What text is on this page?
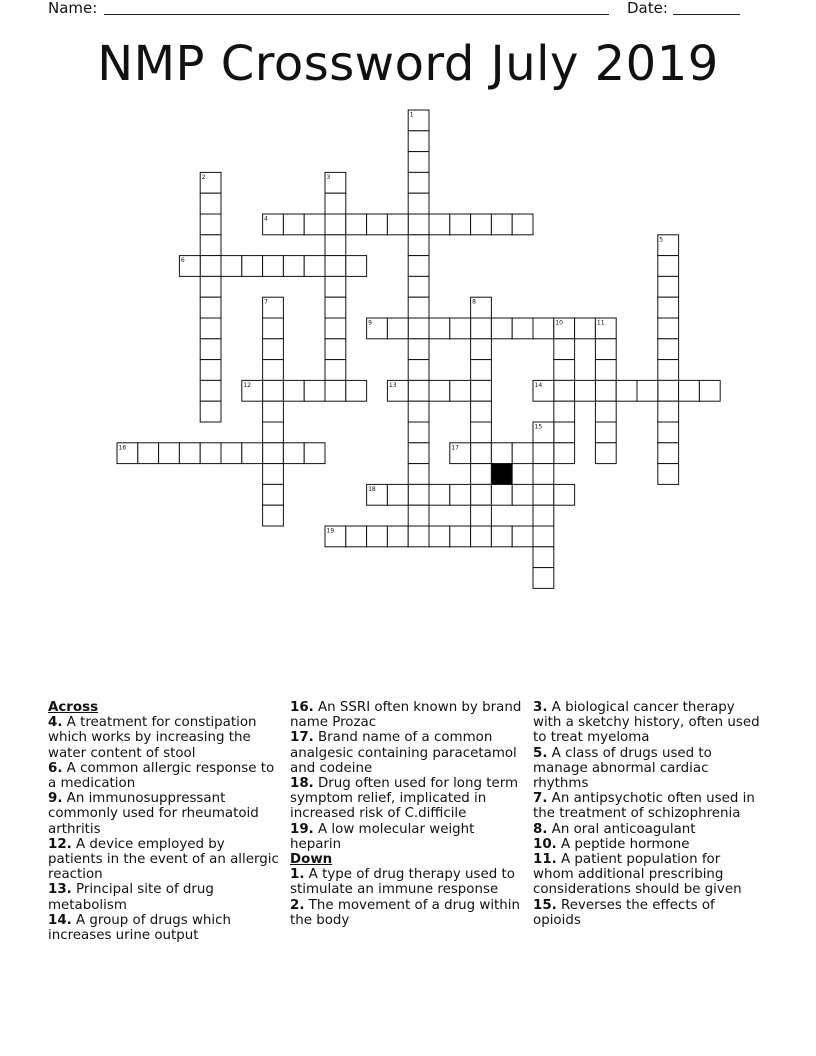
Name:	Date:
NMP Crossword July 2019
1
2	3
4
5
6
7	8
9	10	11
12	13	14
15
16	17
18
19
Across
4. A treatment for constipation which works by increasing the water content of stool
6. A common allergic response to a medication
9. An immunosuppressant commonly used for rheumatoid arthritis
12. A device employed by patients in the event of an allergic reaction
13. Principal site of drug metabolism
14. A group of drugs which increases urine output
16. An SSRI often known by brand name Prozac
17. Brand name of a common analgesic containing paracetamol and codeine
18. Drug often used for long term symptom relief, implicated in increased risk of C.difficile
19. A low molecular weight heparin
Down
1. A type of drug therapy used to stimulate an immune response
2. The movement of a drug within the body
3. A biological cancer therapy with a sketchy history, often used to treat myeloma
5. A class of drugs used to manage abnormal cardiac rhythms
7. An antipsychotic often used in the treatment of schizophrenia
8. An oral anticoagulant
10. A peptide hormone
11. A patient population for whom additional prescribing considerations should be given
15. Reverses the effects of opioids
